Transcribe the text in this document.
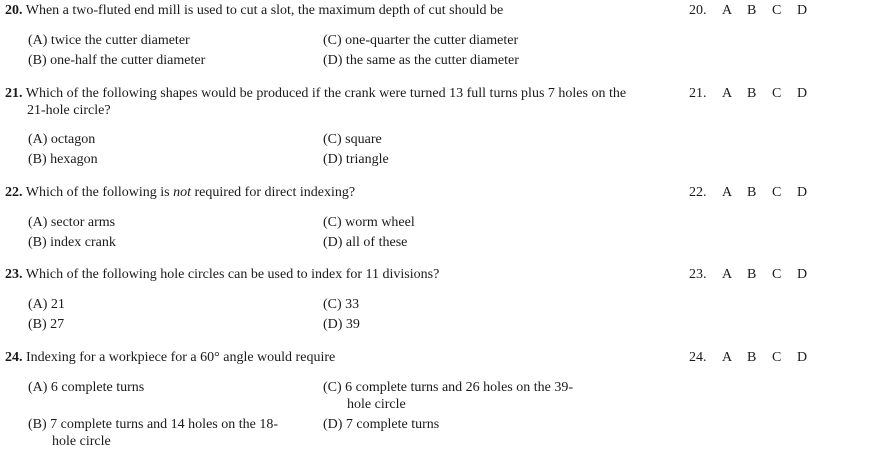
20. When a two-fluted end mill is used to cut a slot, the maximum depth of cut should be
(A) twice the cutter diameter
(B) one-half the cutter diameter
(C) one-quarter the cutter diameter
(D) the same as the cutter diameter
20. A B C D
21. Which of the following shapes would be produced if the crank were turned 13 full turns plus 7 holes on the
21-hole circle?
(A) octagon
(B) hexagon
(C) square
(D) triangle
21. A B C D
22. Which of the following is not required for direct indexing?
(A) sector arms
(B) index crank
(C) worm wheel
(D) all of these
22. A B C D
23. Which of the following hole circles can be used to index for 11 divisions?
(A) 21
(B) 27
(C) 33
(D) 39
23. A B C D
24. Indexing for a workpiece for a 60° angle would require
(A) 6 complete turns
(B) 7 complete turns and 14 holes on the 18-
hole circle
(C) 6 complete turns and 26 holes on the 39-
hole circle
(D) 7 complete turns
24. A B C D
